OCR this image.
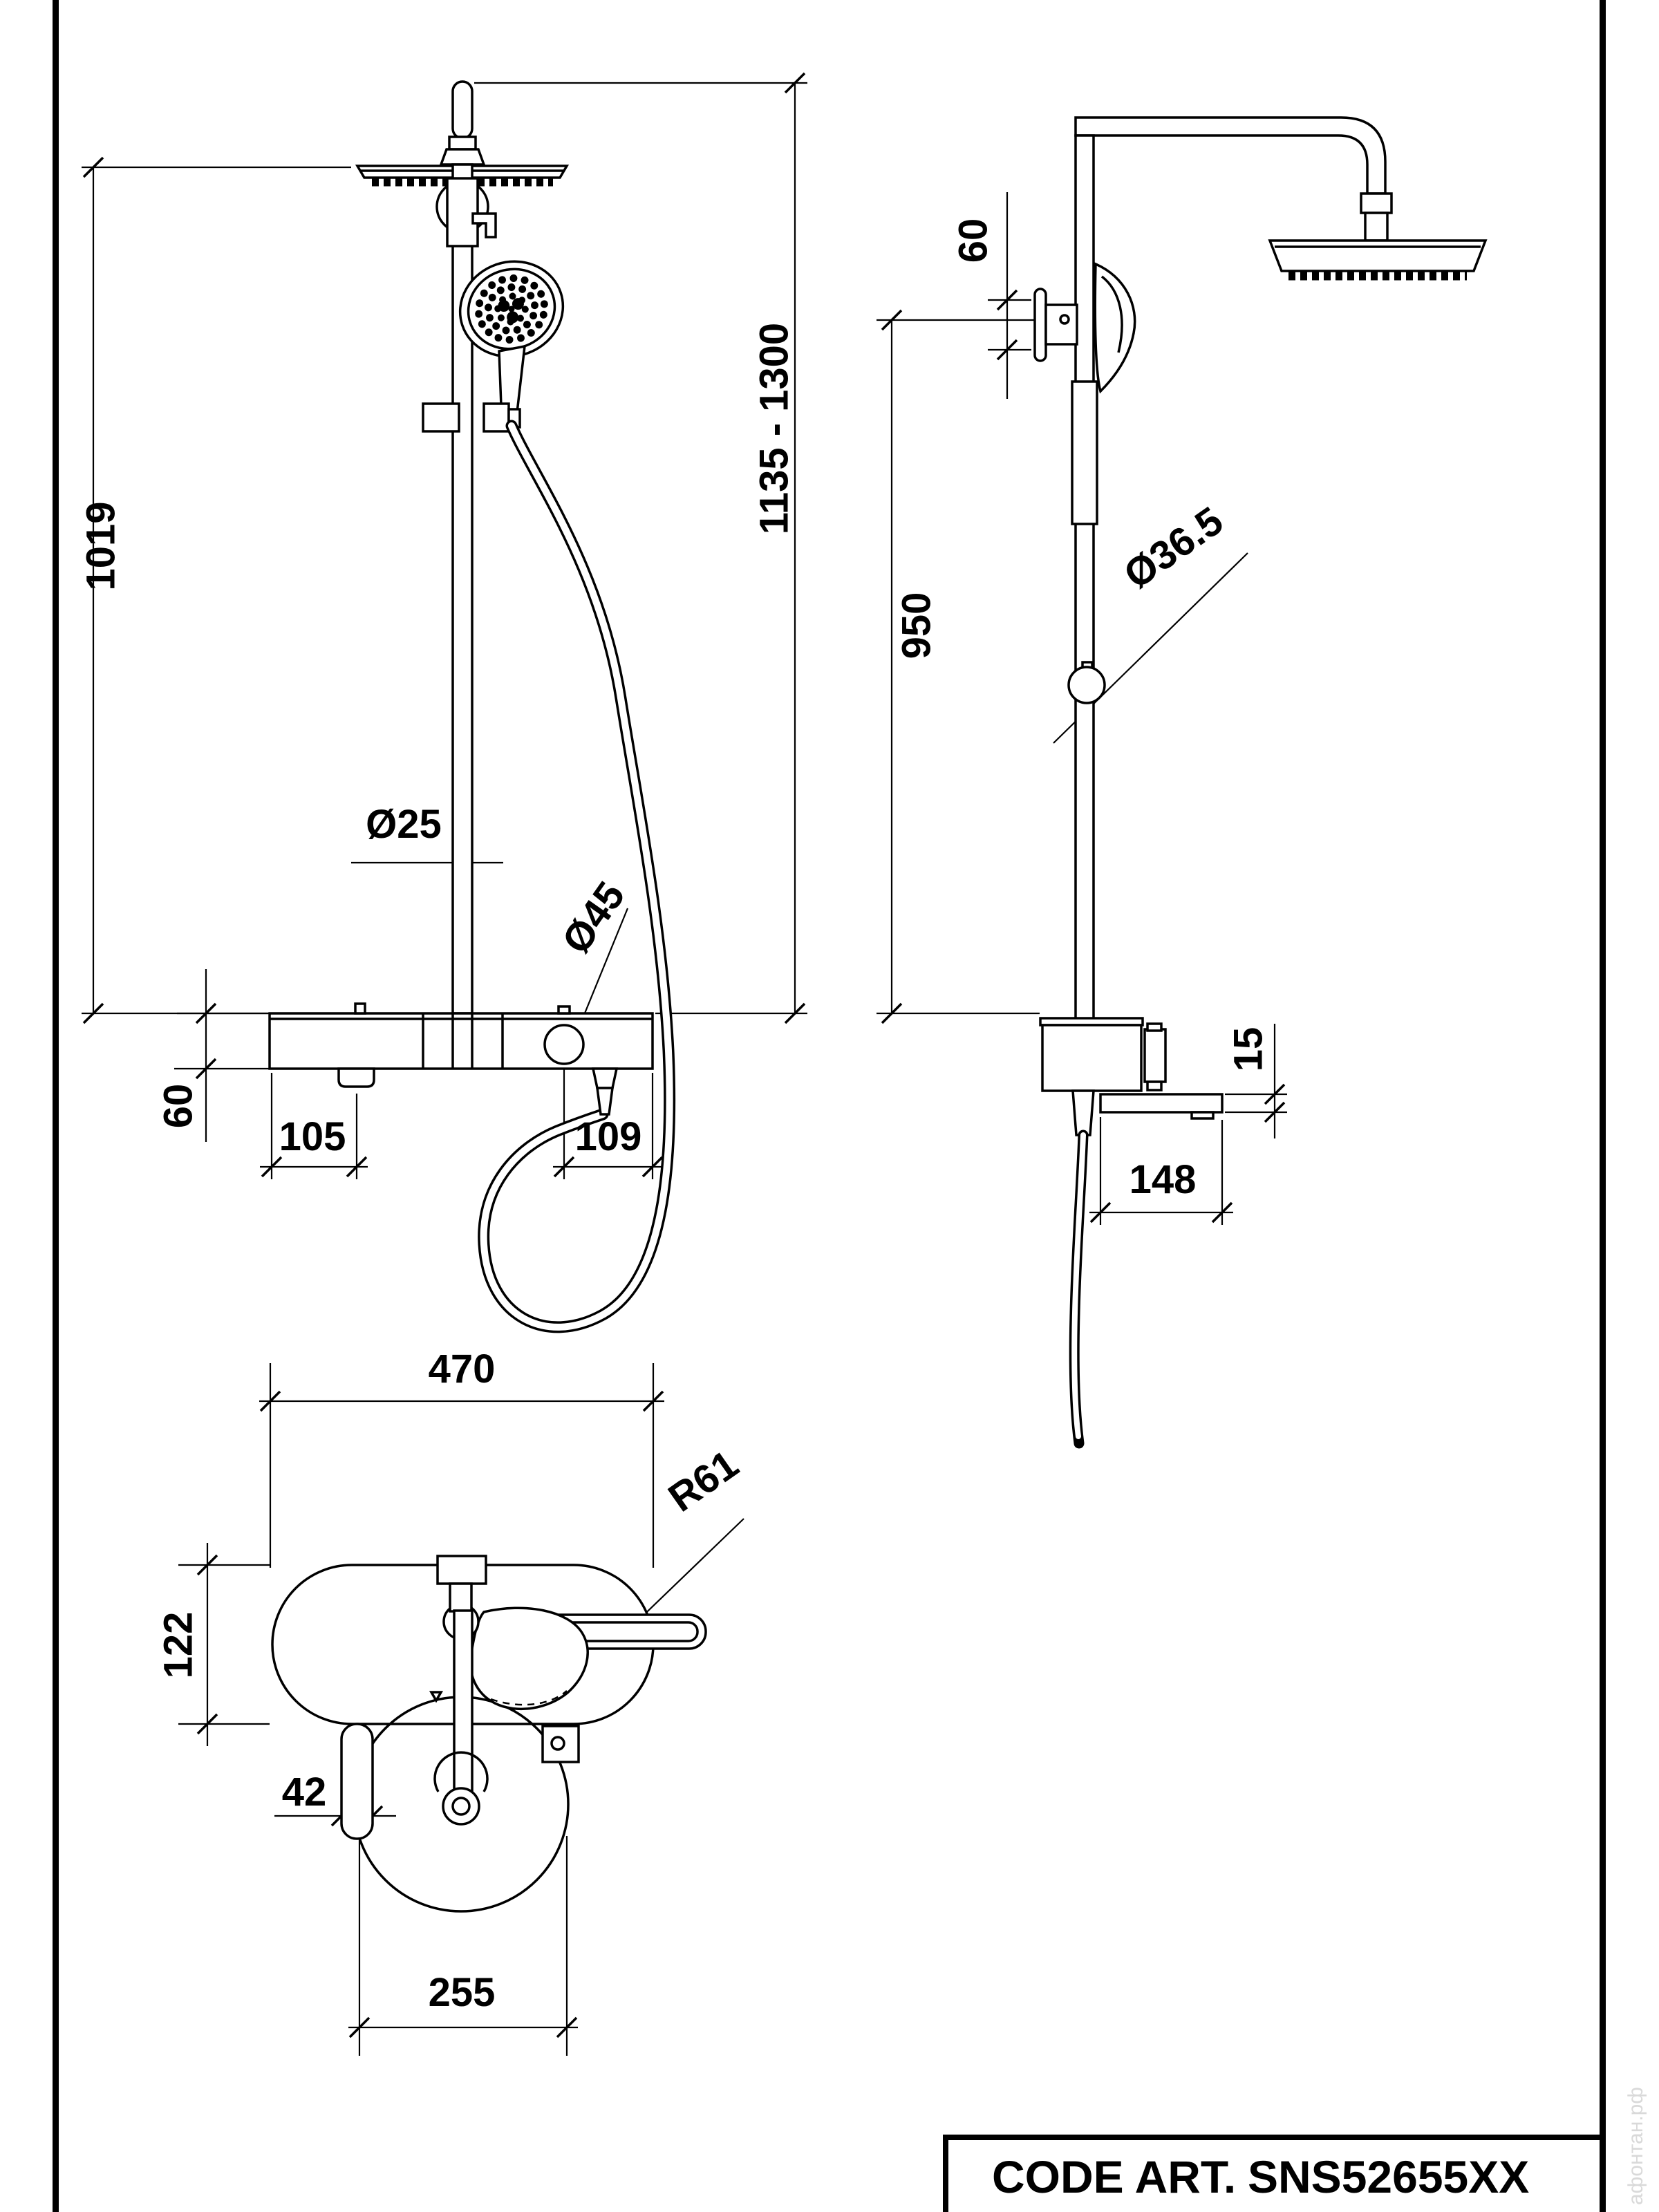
1019
1135 - 1300
Ø25
Ø45
60
105	109
60
950
Ø36.5
15
148
470
122
42
R61
255
CODE ART. SNS52655XX	афонтан.рф
